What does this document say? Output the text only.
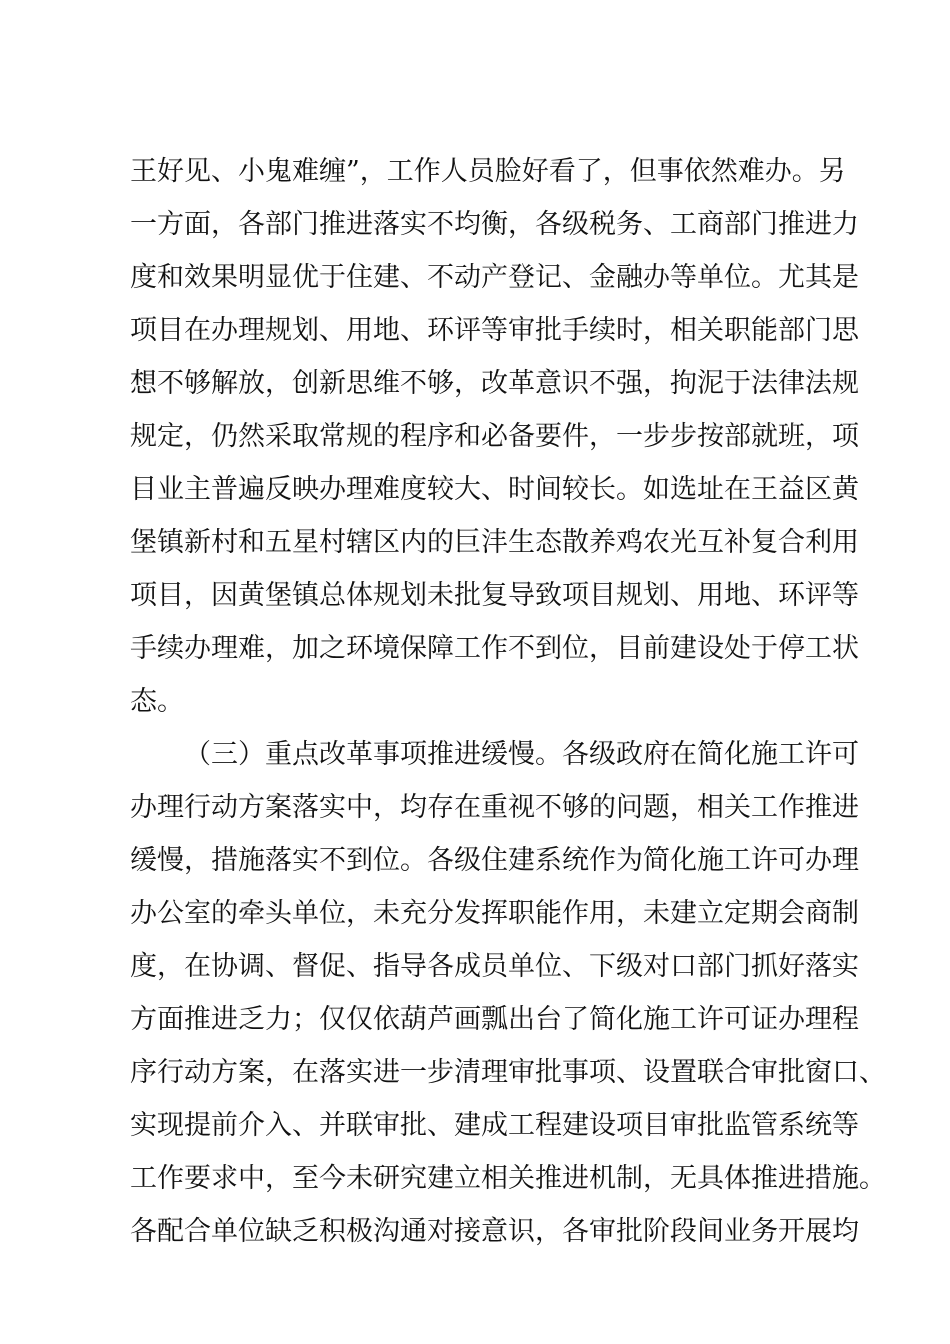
王好见、小鬼难缠”，工作人员脸好看了，但事依然难办。另
一方面，各部门推进落实不均衡，各级税务、工商部门推进力
度和效果明显优于住建、不动产登记、金融办等单位。尤其是
项目在办理规划、用地、环评等审批手续时，相关职能部门思
想不够解放，创新思维不够，改革意识不强，拘泥于法律法规
规定，仍然采取常规的程序和必备要件，一步步按部就班，项
目业主普遍反映办理难度较大、时间较长。如选址在王益区黄
堡镇新村和五星村辖区内的巨沣生态散养鸡农光互补复合利用
项目，因黄堡镇总体规划未批复导致项目规划、用地、环评等
手续办理难，加之环境保障工作不到位，目前建设处于停工状
态。
（三）重点改革事项推进缓慢。各级政府在简化施工许可
办理行动方案落实中，均存在重视不够的问题，相关工作推进
缓慢，措施落实不到位。各级住建系统作为简化施工许可办理
办公室的牵头单位，未充分发挥职能作用，未建立定期会商制
度，在协调、督促、指导各成员单位、下级对口部门抓好落实
方面推进乏力；仅仅依葫芦画瓢出台了简化施工许可证办理程
序行动方案，在落实进一步清理审批事项、设置联合审批窗口、
实现提前介入、并联审批、建成工程建设项目审批监管系统等
工作要求中，至今未研究建立相关推进机制，无具体推进措施。
各配合单位缺乏积极沟通对接意识，各审批阶段间业务开展均
